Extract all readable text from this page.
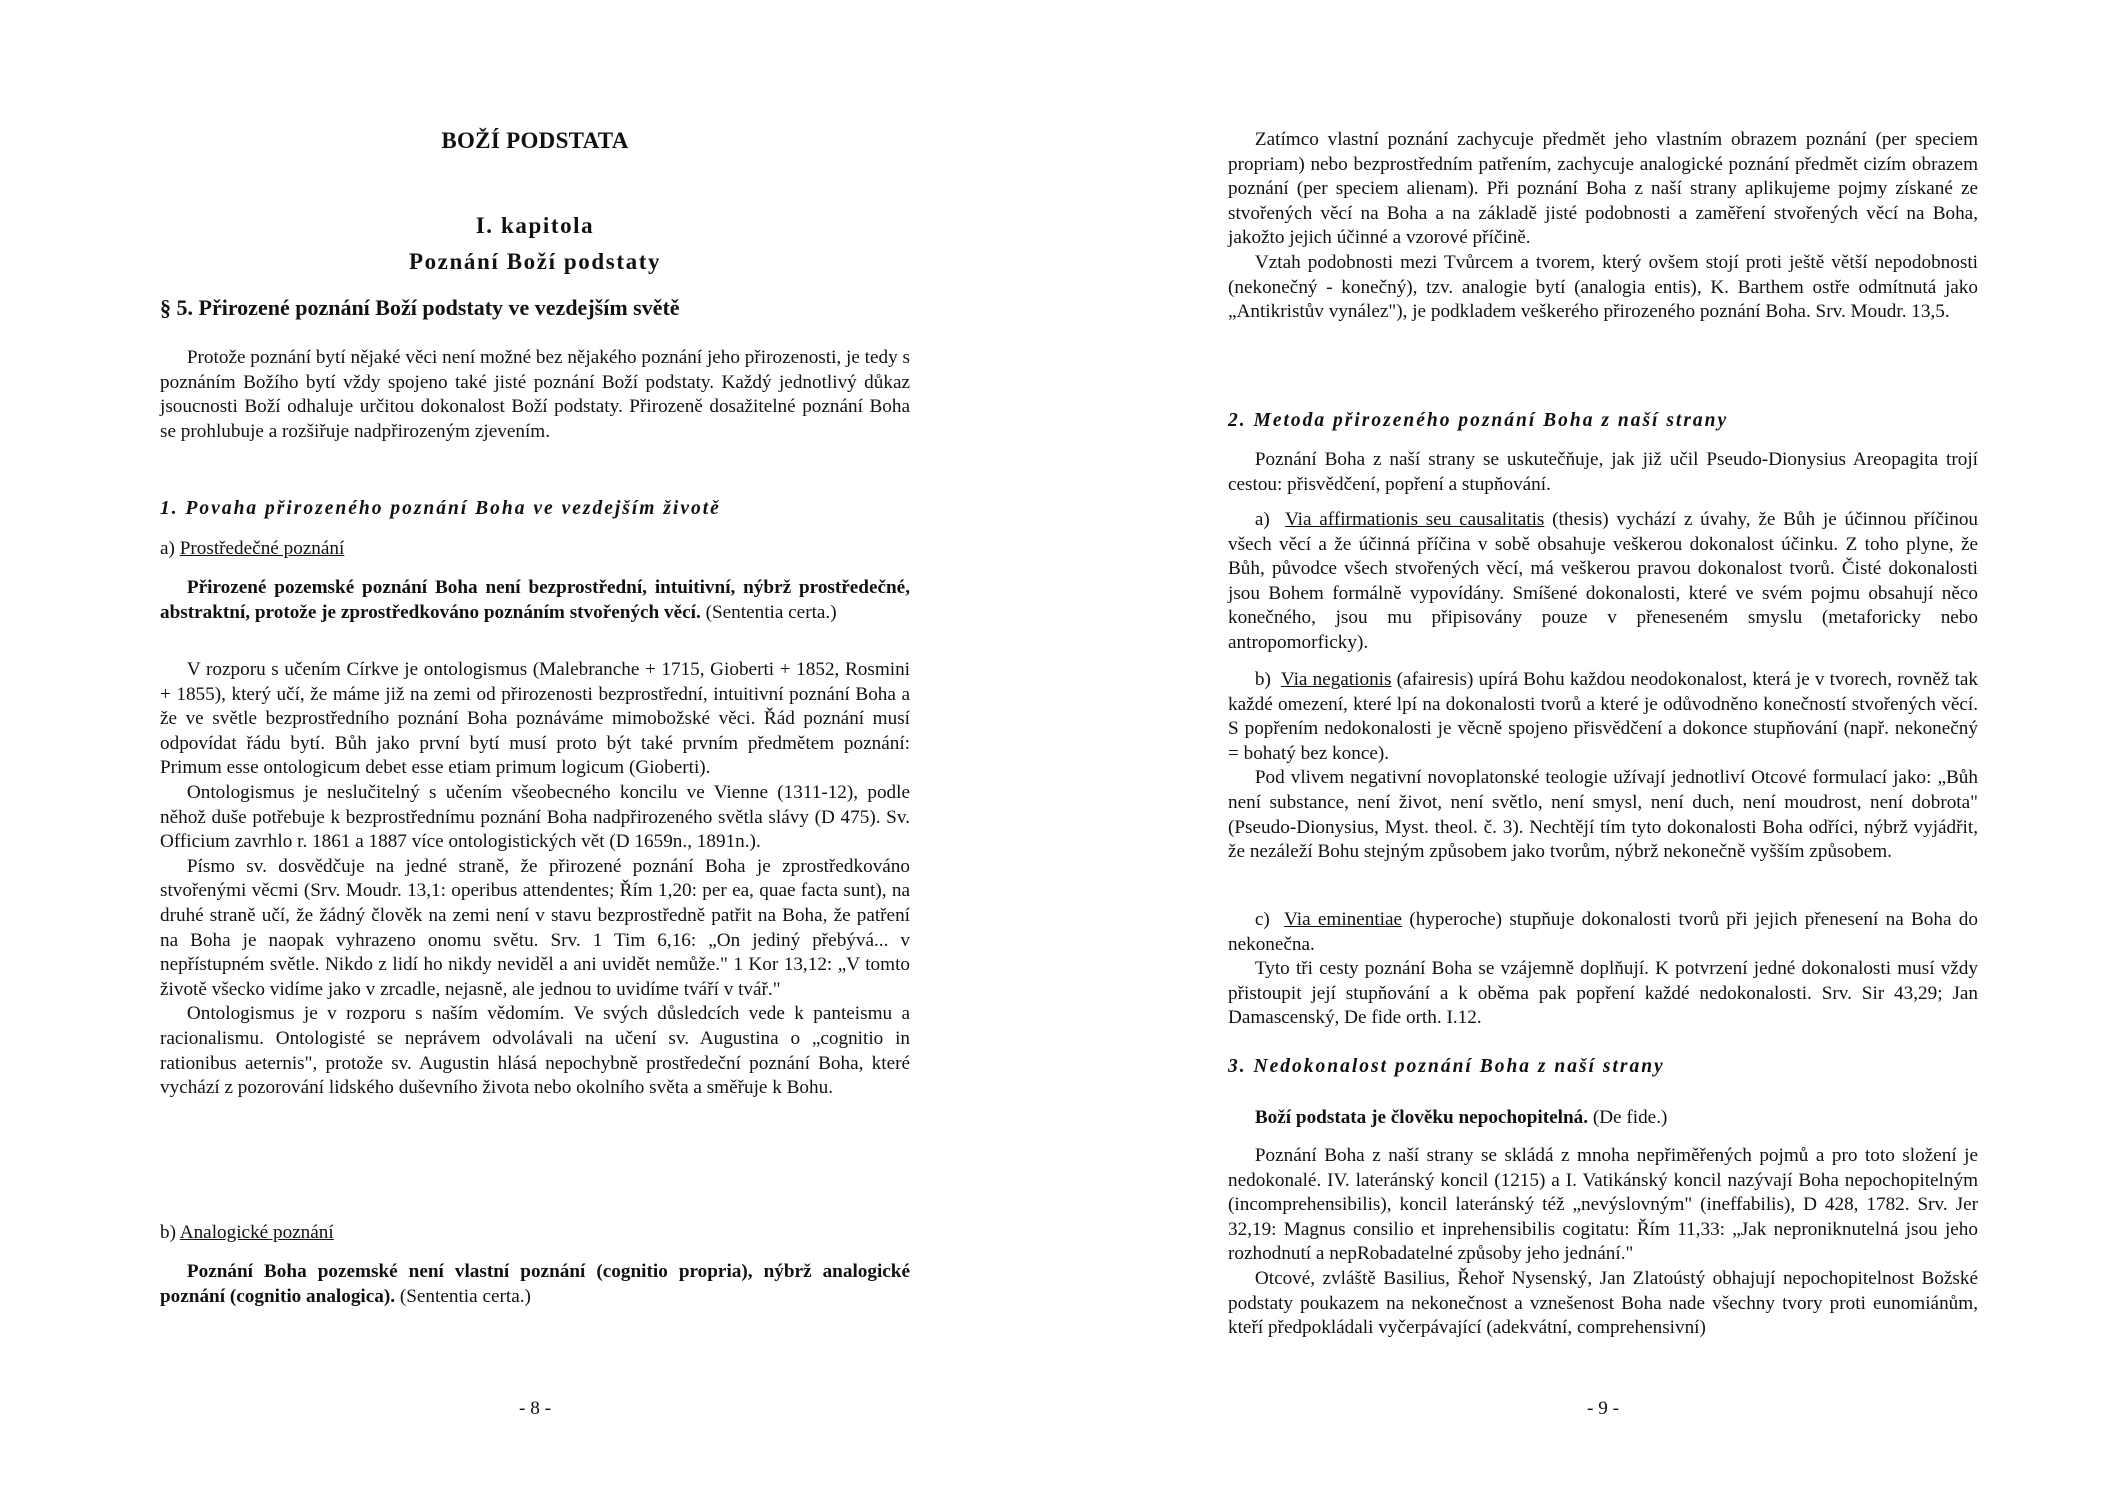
BOŽÍ PODSTATA
I. kapitola
Poznání Boží podstaty
§ 5. Přirozené poznání Boží podstaty ve vezdejším světě

Protože poznání bytí nějaké věci není možné bez nějakého poznání jeho přirozenosti, je tedy s poznáním Božího bytí vždy spojeno také jisté poznání Boží podstaty. Každý jednotlivý důkaz jsoucnosti Boží odhaluje určitou dokonalost Boží podstaty. Přirozeně dosažitelné poznání Boha se prohlubuje a rozšiřuje nadpřirozeným zjevením.

1. Povaha přirozeného poznání Boha ve vezdejším životě
a) Prostředečné poznání

Přirozené pozemské poznání Boha není bezprostřední, intuitivní, nýbrž prostředečné, abstraktní, protože je zprostředkováno poznáním stvořených věcí. (Sententia certa.)

V rozporu s učením Církve je ontologismus (Malebranche + 1715, Gioberti + 1852, Rosmini + 1855), který učí, že máme již na zemi od přirozenosti bezprostřední, intuitivní poznání Boha a že ve světle bezprostředního poznání Boha poznáváme mimobožské věci. Řád poznání musí odpovídat řádu bytí. Bůh jako první bytí musí proto být také prvním předmětem poznání: Primum esse ontologicum debet esse etiam primum logicum (Gioberti).

Ontologismus je neslučitelný s učením všeobecného koncilu ve Vienne (1311-12), podle něhož duše potřebuje k bezprostřednímu poznání Boha nadpřirozeného světla slávy (D 475). Sv. Officium zavrhlo r. 1861 a 1887 více ontologistických vět (D 1659n., 1891n.).

Písmo sv. dosvědčuje na jedné straně, že přirozené poznání Boha je zprostředkováno stvořenými věcmi (Srv. Moudr. 13,1: operibus attendentes; Řím 1,20: per ea, quae facta sunt), na druhé straně učí, že žádný člověk na zemi není v stavu bezprostředně patřit na Boha, že patření na Boha je naopak vyhrazeno onomu světu. Srv. 1 Tim 6,16: „On jediný přebývá... v nepřístupném světle. Nikdo z lidí ho nikdy neviděl a ani uvidět nemůže." 1 Kor 13,12: „V tomto životě všecko vidíme jako v zrcadle, nejasně, ale jednou to uvidíme tváří v tvář."

Ontologismus je v rozporu s naším vědomím. Ve svých důsledcích vede k panteismu a racionalismu. Ontologisté se neprávem odvolávali na učení sv. Augustina o „cognitio in rationibus aeternis", protože sv. Augustin hlásá nepochybně prostředeční poznání Boha, které vychází z pozorování lidského duševního života nebo okolního světa a směřuje k Bohu.

b) Analogické poznání

Poznání Boha pozemské není vlastní poznání (cognitio propria), nýbrž analogické poznání (cognitio analogica). (Sententia certa.)

- 8 -

Zatímco vlastní poznání zachycuje předmět jeho vlastním obrazem poznání (per speciem propriam) nebo bezprostředním patřením, zachycuje analogické poznání předmět cizím obrazem poznání (per speciem alienam). Při poznání Boha z naší strany aplikujeme pojmy získané ze stvořených věcí na Boha a na základě jisté podobnosti a zaměření stvořených věcí na Boha, jakožto jejich účinné a vzorové příčině.

Vztah podobnosti mezi Tvůrcem a tvorem, který ovšem stojí proti ještě větší nepodobnosti (nekonečný - konečný), tzv. analogie bytí (analogia entis), K. Barthem ostře odmítnutá jako „Antikristův vynález"), je podkladem veškerého přirozeného poznání Boha. Srv. Moudr. 13,5.

2. Metoda přirozeného poznání Boha z naší strany

Poznání Boha z naší strany se uskutečňuje, jak již učil Pseudo-Dionysius Areopagita trojí cestou: přisvědčení, popření a stupňování.

a) Via affirmationis seu causalitatis (thesis) vychází z úvahy, že Bůh je účinnou příčinou všech věcí a že účinná příčina v sobě obsahuje veškerou dokonalost účinku. Z toho plyne, že Bůh, původce všech stvořených věcí, má veškerou pravou dokonalost tvorů. Čisté dokonalosti jsou Bohem formálně vypovídány. Smíšené dokonalosti, které ve svém pojmu obsahují něco konečného, jsou mu připisovány pouze v přeneseném smyslu (metaforicky nebo antropomorficky).

b) Via negationis (afairesis) upírá Bohu každou neodokonalost, která je v tvorech, rovněž tak každé omezení, které lpí na dokonalosti tvorů a které je odůvodněno konečností stvořených věcí. S popřením nedokonalosti je věcně spojeno přisvědčení a dokonce stupňování (např. nekonečný = bohatý bez konce).

Pod vlivem negativní novoplatonské teologie užívají jednotliví Otcové formulací jako: „Bůh není substance, není život, není světlo, není smysl, není duch, není moudrost, není dobrota" (Pseudo-Dionysius, Myst. theol. č. 3). Nechtějí tím tyto dokonalosti Boha odříci, nýbrž vyjádřit, že nezáleží Bohu stejným způsobem jako tvorům, nýbrž nekonečně vyšším způsobem.

c) Via eminentiae (hyperoche) stupňuje dokonalosti tvorů při jejich přenesení na Boha do nekonečna.

Tyto tři cesty poznání Boha se vzájemně doplňují. K potvrzení jedné dokonalosti musí vždy přistoupit její stupňování a k oběma pak popření každé nedokonalosti. Srv. Sir 43,29; Jan Damascenský, De fide orth. I.12.

3. Nedokonalost poznání Boha z naší strany

Boží podstata je člověku nepochopitelná. (De fide.)

Poznání Boha z naší strany se skládá z mnoha nepřiměřených pojmů a pro toto složení je nedokonalé. IV. lateránský koncil (1215) a I. Vatikánský koncil nazývají Boha nepochopitelným (incomprehensibilis), koncil lateránský též „nevýslovným" (ineffabilis), D 428, 1782. Srv. Jer 32,19: Magnus consilio et inprehensibilis cogitatu: Řím 11,33: „Jak neproniknutelná jsou jeho rozhodnutí a nepRobadatelné způsoby jeho jednání."

Otcové, zvláště Basilius, Řehoř Nysenský, Jan Zlatoústý obhajují nepochopitelnost Božské podstaty poukazem na nekonečnost a vznešenost Boha nade všechny tvory proti eunomiánům, kteří předpokládali vyčerpávající (adekvátní, comprehensivní)

- 9 -
